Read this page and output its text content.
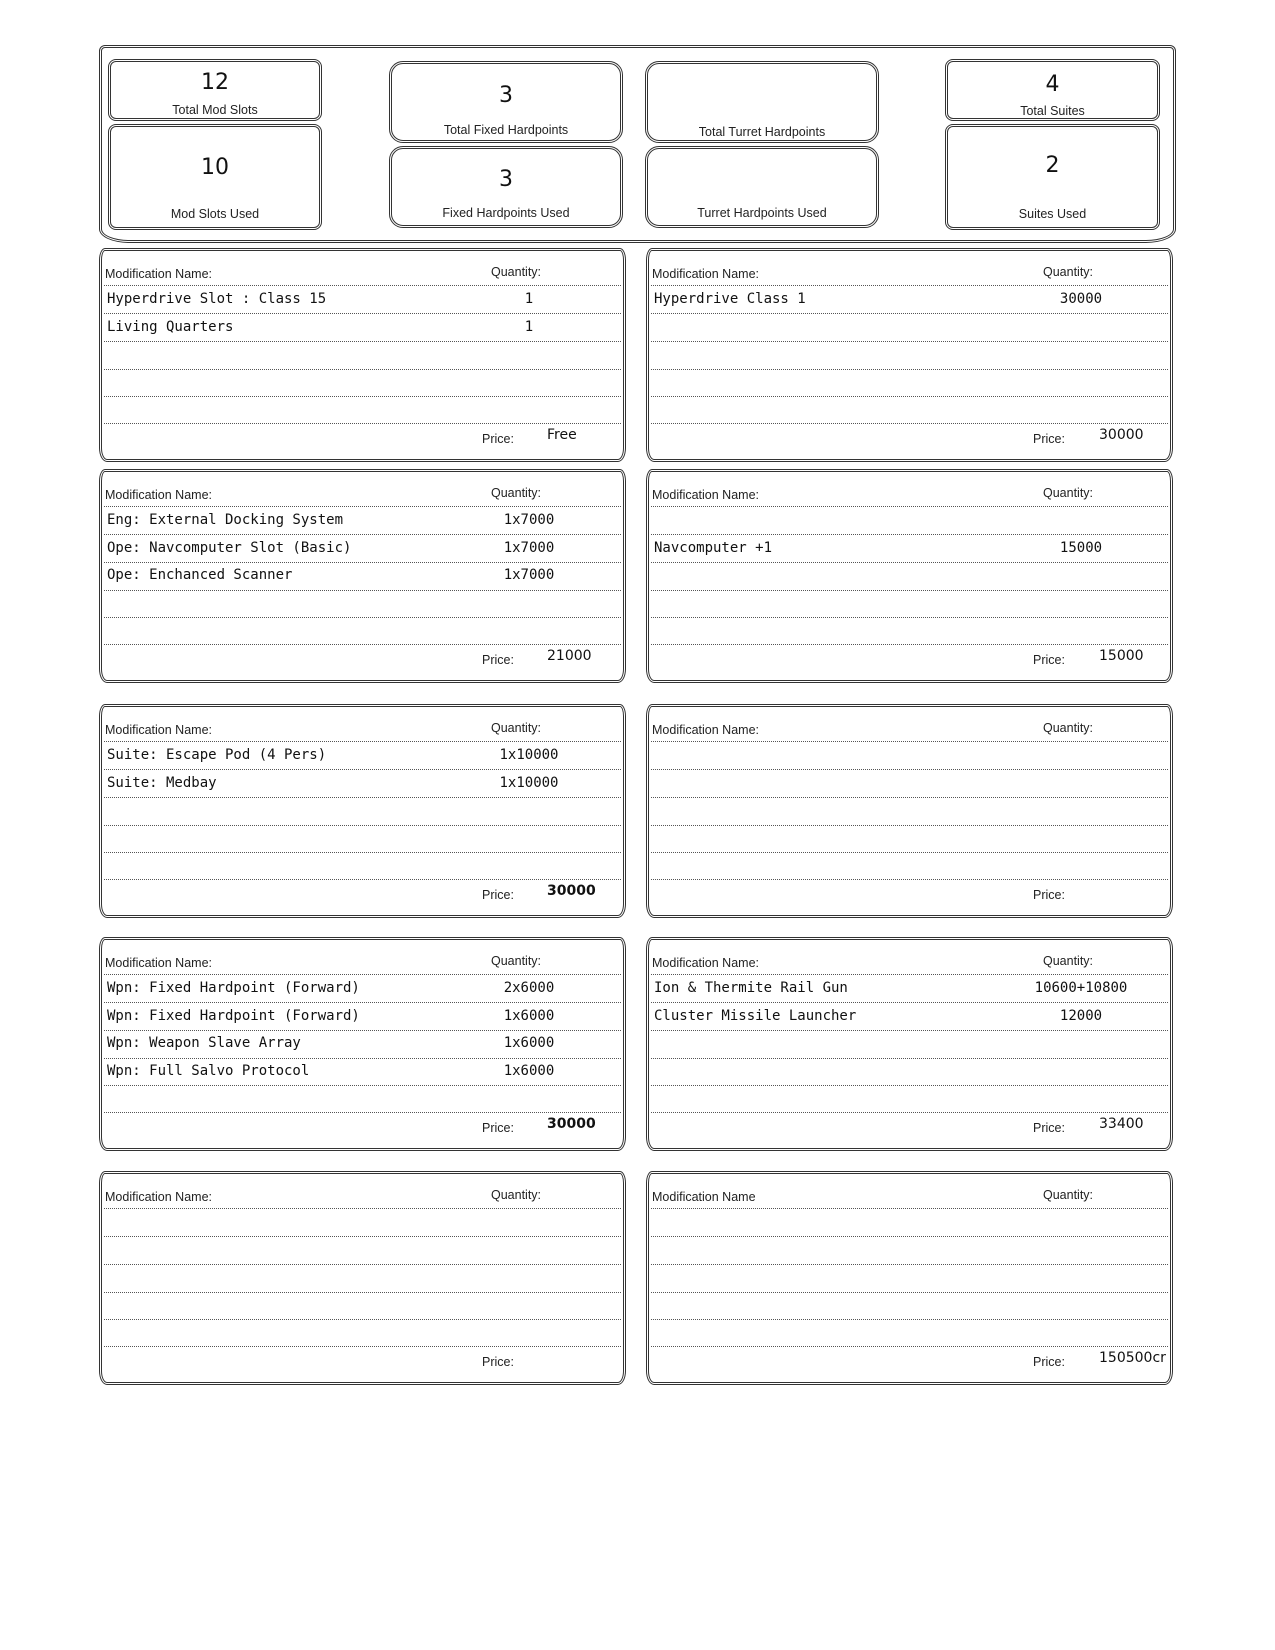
12
Total Mod Slots
10
Mod Slots Used
3
Total Fixed Hardpoints
3
Fixed Hardpoints Used
Total Turret Hardpoints
Turret Hardpoints Used
4
Total Suites
2
Suites Used
Modification Name:	Quantity:
Hyperdrive Slot : Class 15	1
Living Quarters	1
Price: Free
Modification Name:	Quantity:
Hyperdrive Class 1	30000
Price: 30000
Modification Name:	Quantity:
Eng: External Docking System	1x7000
Ope: Navcomputer Slot (Basic)	1x7000
Ope: Enchanced Scanner	1x7000
Price: 21000
Modification Name:	Quantity:
Navcomputer +1	15000
Price: 15000
Modification Name:	Quantity:
Suite: Escape Pod (4 Pers)	1x10000
Suite: Medbay	1x10000
Price: 30000
Modification Name:	Quantity:
Price:
Modification Name:	Quantity:
Wpn: Fixed Hardpoint (Forward)	2x6000
Wpn: Fixed Hardpoint (Forward)	1x6000
Wpn: Weapon Slave Array	1x6000
Wpn: Full Salvo Protocol	1x6000
Price: 30000
Modification Name:	Quantity:
Ion & Thermite Rail Gun	10600+10800
Cluster Missile Launcher	12000
Price: 33400
Modification Name:	Quantity:
Price:
Modification Name	Quantity:
Price: 150500cr
